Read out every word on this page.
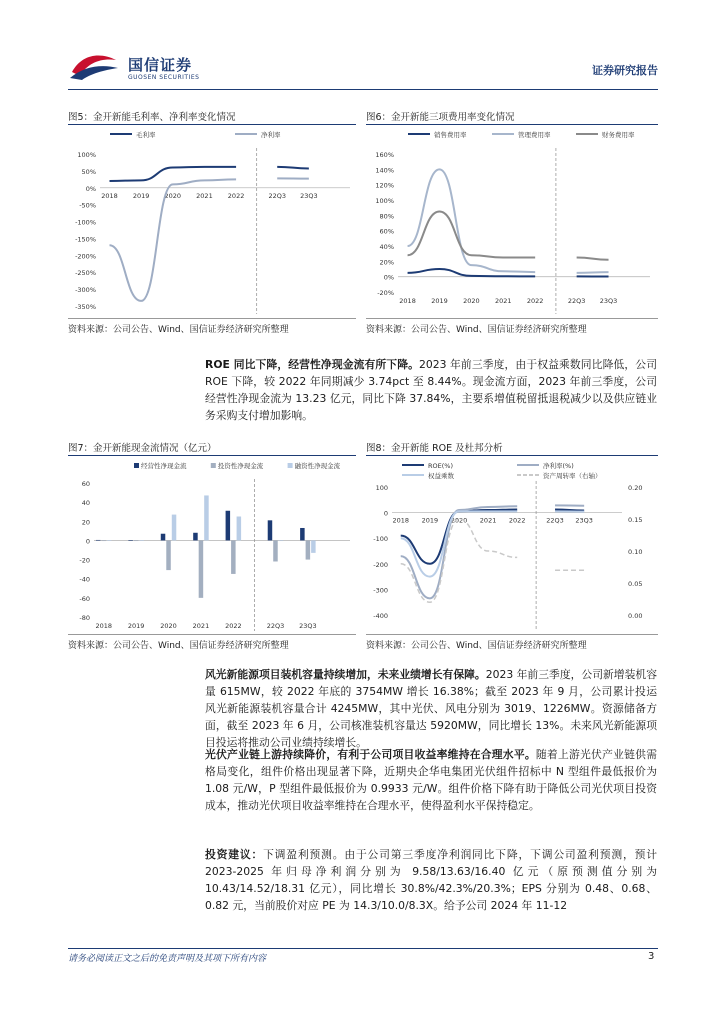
国信证券
GUOSEN SECURITIES
证券研究报告
图5：金开新能毛利率、净利率变化情况
100%
50%
0%
-50%
-100%
-150%
-200%
-250%
-300%
-350%
2018 2019 2020 2021 2022	22Q3 23Q3
毛利率	净利率
资料来源：公司公告、Wind、国信证券经济研究所整理
图6：金开新能三项费用率变化情况
160%
140%
120%
100%
80%
60%
40%
20%
0%
-20%
2018 2019 2020 2021 2022	22Q3 23Q3
销售费用率	管理费用率	财务费用率
资料来源：公司公告、Wind、国信证券经济研究所整理
ROE 同比下降，经营性净现金流有所下降。2023 年前三季度，由于权益乘数同比降低，公司 ROE 下降，较 2022 年同期减少 3.74pct 至 8.44%。现金流方面，2023 年前三季度，公司经营性净现金流为 13.23 亿元，同比下降 37.84%，主要系增值税留抵退税减少以及供应链业务采购支付增加影响。
图7：金开新能现金流情况（亿元）
60
40
20
0
-20
-40
-60
-80
2018 2019 2020 2021 2022	22Q3 23Q3
经营性净现金流	投资性净现金流	融资性净现金流
资料来源：公司公告、Wind、国信证券经济研究所整理
图8：金开新能 ROE 及杜邦分析
100
0
-100
-200
-300
-400
0.20
0.15
0.10
0.05
0.00
2018 2019 2020 2021 2022	22Q3 23Q3
ROE(%)	净利率(%)
权益乘数	资产周转率（右轴）
资料来源：公司公告、Wind、国信证券经济研究所整理
风光新能源项目装机容量持续增加，未来业绩增长有保障。2023 年前三季度，公司新增装机容量 615MW，较 2022 年底的 3754MW 增长 16.38%；截至 2023 年 9 月，公司累计投运风光新能源装机容量合计 4245MW，其中光伏、风电分别为 3019、1226MW。资源储备方面，截至 2023 年 6 月，公司核准装机容量达 5920MW，同比增长 13%。未来风光新能源项目投运将推动公司业绩持续增长。
光伏产业链上游持续降价，有利于公司项目收益率维持在合理水平。随着上游光伏产业链供需格局变化，组件价格出现显著下降，近期央企华电集团光伏组件招标中 N 型组件最低报价为 1.08 元/W，P 型组件最低报价为 0.9933 元/W。组件价格下降有助于降低公司光伏项目投资成本，推动光伏项目收益率维持在合理水平，使得盈利水平保持稳定。
投资建议：下调盈利预测。由于公司第三季度净利润同比下降，下调公司盈利预测，预计 2023-2025 年归母净利润分别为 9.58/13.63/16.40 亿元（原预测值分别为 10.43/14.52/18.31 亿元），同比增长 30.8%/42.3%/20.3%；EPS 分别为 0.48、0.68、0.82 元，当前股价对应 PE 为 14.3/10.0/8.3X。给予公司 2024 年 11-12
请务必阅读正文之后的免责声明及其项下所有内容	3
